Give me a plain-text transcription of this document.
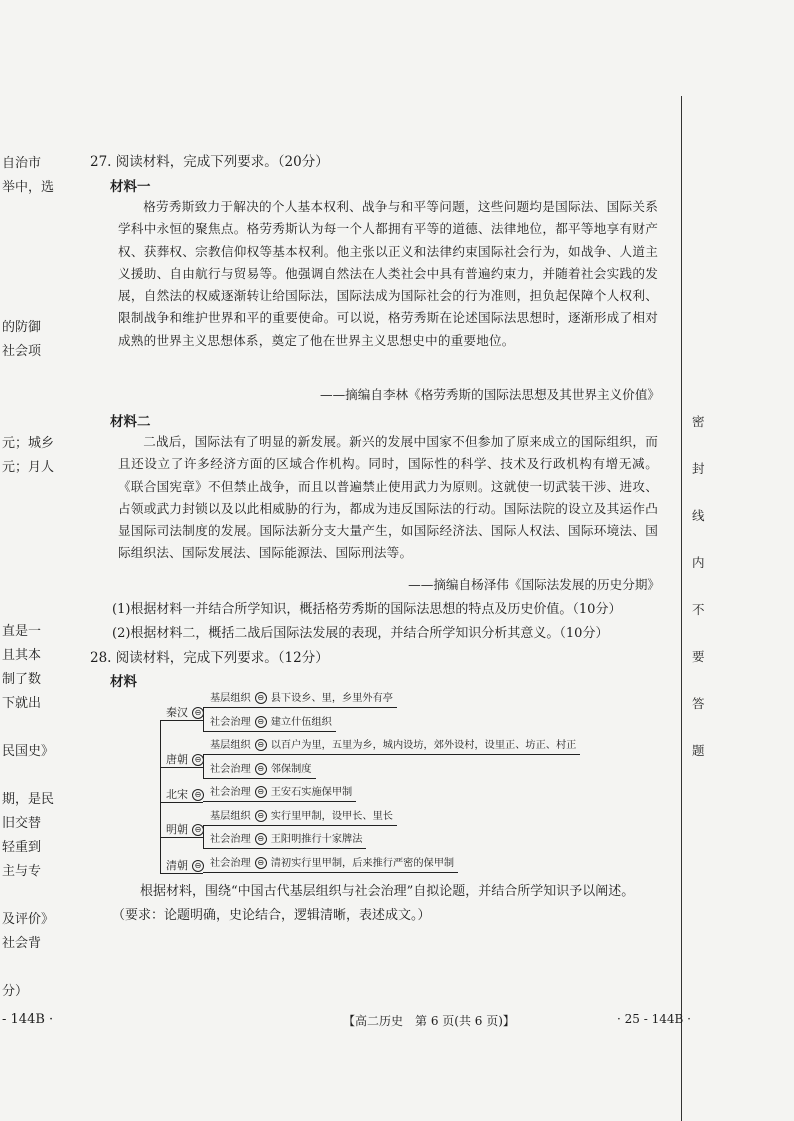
自治市
举中，选
的防御
社会项
元；城乡
元；月人
直是一
且其本
制了数
下就出
民国史》
期，是民
旧交替
轻重到
主与专
及评价》
社会背
分）
- 144B ·
27. 阅读材料，完成下列要求。（20分）
材料一
格劳秀斯致力于解决的个人基本权利、战争与和平等问题，这些问题均是国际法、国际关系学科中永恒的聚焦点。格劳秀斯认为每一个人都拥有平等的道德、法律地位，都平等地享有财产权、获葬权、宗教信仰权等基本权利。他主张以正义和法律约束国际社会行为，如战争、人道主义援助、自由航行与贸易等。他强调自然法在人类社会中具有普遍约束力，并随着社会实践的发展，自然法的权威逐渐转让给国际法，国际法成为国际社会的行为准则，担负起保障个人权利、限制战争和维护世界和平的重要使命。可以说，格劳秀斯在论述国际法思想时，逐渐形成了相对成熟的世界主义思想体系，奠定了他在世界主义思想史中的重要地位。
——摘编自李林《格劳秀斯的国际法思想及其世界主义价值》
材料二
二战后，国际法有了明显的新发展。新兴的发展中国家不但参加了原来成立的国际组织，而且还设立了许多经济方面的区域合作机构。同时，国际性的科学、技术及行政机构有增无减。《联合国宪章》不但禁止战争，而且以普遍禁止使用武力为原则。这就使一切武装干涉、进攻、占领或武力封锁以及以此相威胁的行为，都成为违反国际法的行动。国际法院的设立及其运作凸显国际司法制度的发展。国际法新分支大量产生，如国际经济法、国际人权法、国际环境法、国际组织法、国际发展法、国际能源法、国际刑法等。
——摘编自杨泽伟《国际法发展的历史分期》
(1)根据材料一并结合所学知识，概括格劳秀斯的国际法思想的特点及历史价值。（10分）
(2)根据材料二，概括二战后国际法发展的表现，并结合所学知识分析其意义。（10分）
28. 阅读材料，完成下列要求。（12分）
材料
基层组织 ⊖ 县下设乡、里，乡里外有亭
社会治理 ⊖ 建立什伍组织
秦汉 ⊖
基层组织 ⊖ 以百户为里，五里为乡，城内设坊，郊外设村，设里正、坊正、村正
社会治理 ⊖ 邻保制度
唐朝 ⊖
社会治理 ⊖ 王安石实施保甲制
北宋 ⊖
基层组织 ⊖ 实行里甲制，设甲长、里长
社会治理 ⊖ 王阳明推行十家牌法
明朝 ⊖
社会治理 ⊖ 清初实行里甲制，后来推行严密的保甲制
清朝 ⊖
根据材料，围绕“中国古代基层组织与社会治理”自拟论题，并结合所学知识予以阐述。
（要求：论题明确，史论结合，逻辑清晰，表述成文。）
密
封
线
内
不
要
答
题
【高二历史　第 6 页(共 6 页)】	· 25 - 144B ·
